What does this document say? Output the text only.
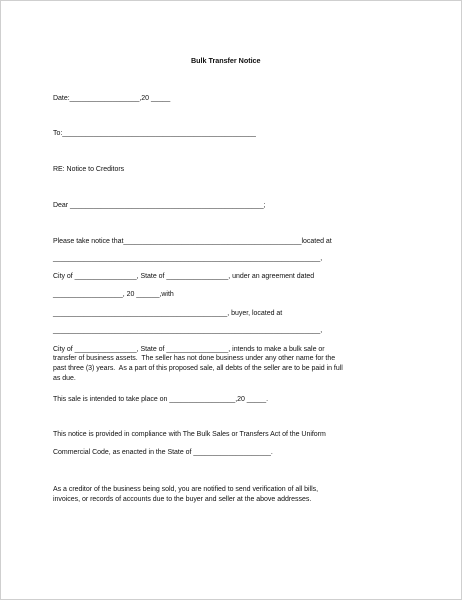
Bulk Transfer Notice
Date:__________________,20 _____
To:__________________________________________________
RE: Notice to Creditors
Dear __________________________________________________;
Please take notice that______________________________________________located at
_____________________________________________________________________,
City of ________________, State of ________________, under an agreement dated
__________________, 20 ______,with
_____________________________________________, buyer, located at
_____________________________________________________________________,
City of ________________, State of ________________, intends to make a bulk sale or
transfer of business assets.  The seller has not done business under any other name for the
past three (3) years.  As a part of this proposed sale, all debts of the seller are to be paid in full
as due.
This sale is intended to take place on _________________,20 _____.
This notice is provided in compliance with The Bulk Sales or Transfers Act of the Uniform
Commercial Code, as enacted in the State of ____________________.
As a creditor of the business being sold, you are notified to send verification of all bills,
invoices, or records of accounts due to the buyer and seller at the above addresses.
